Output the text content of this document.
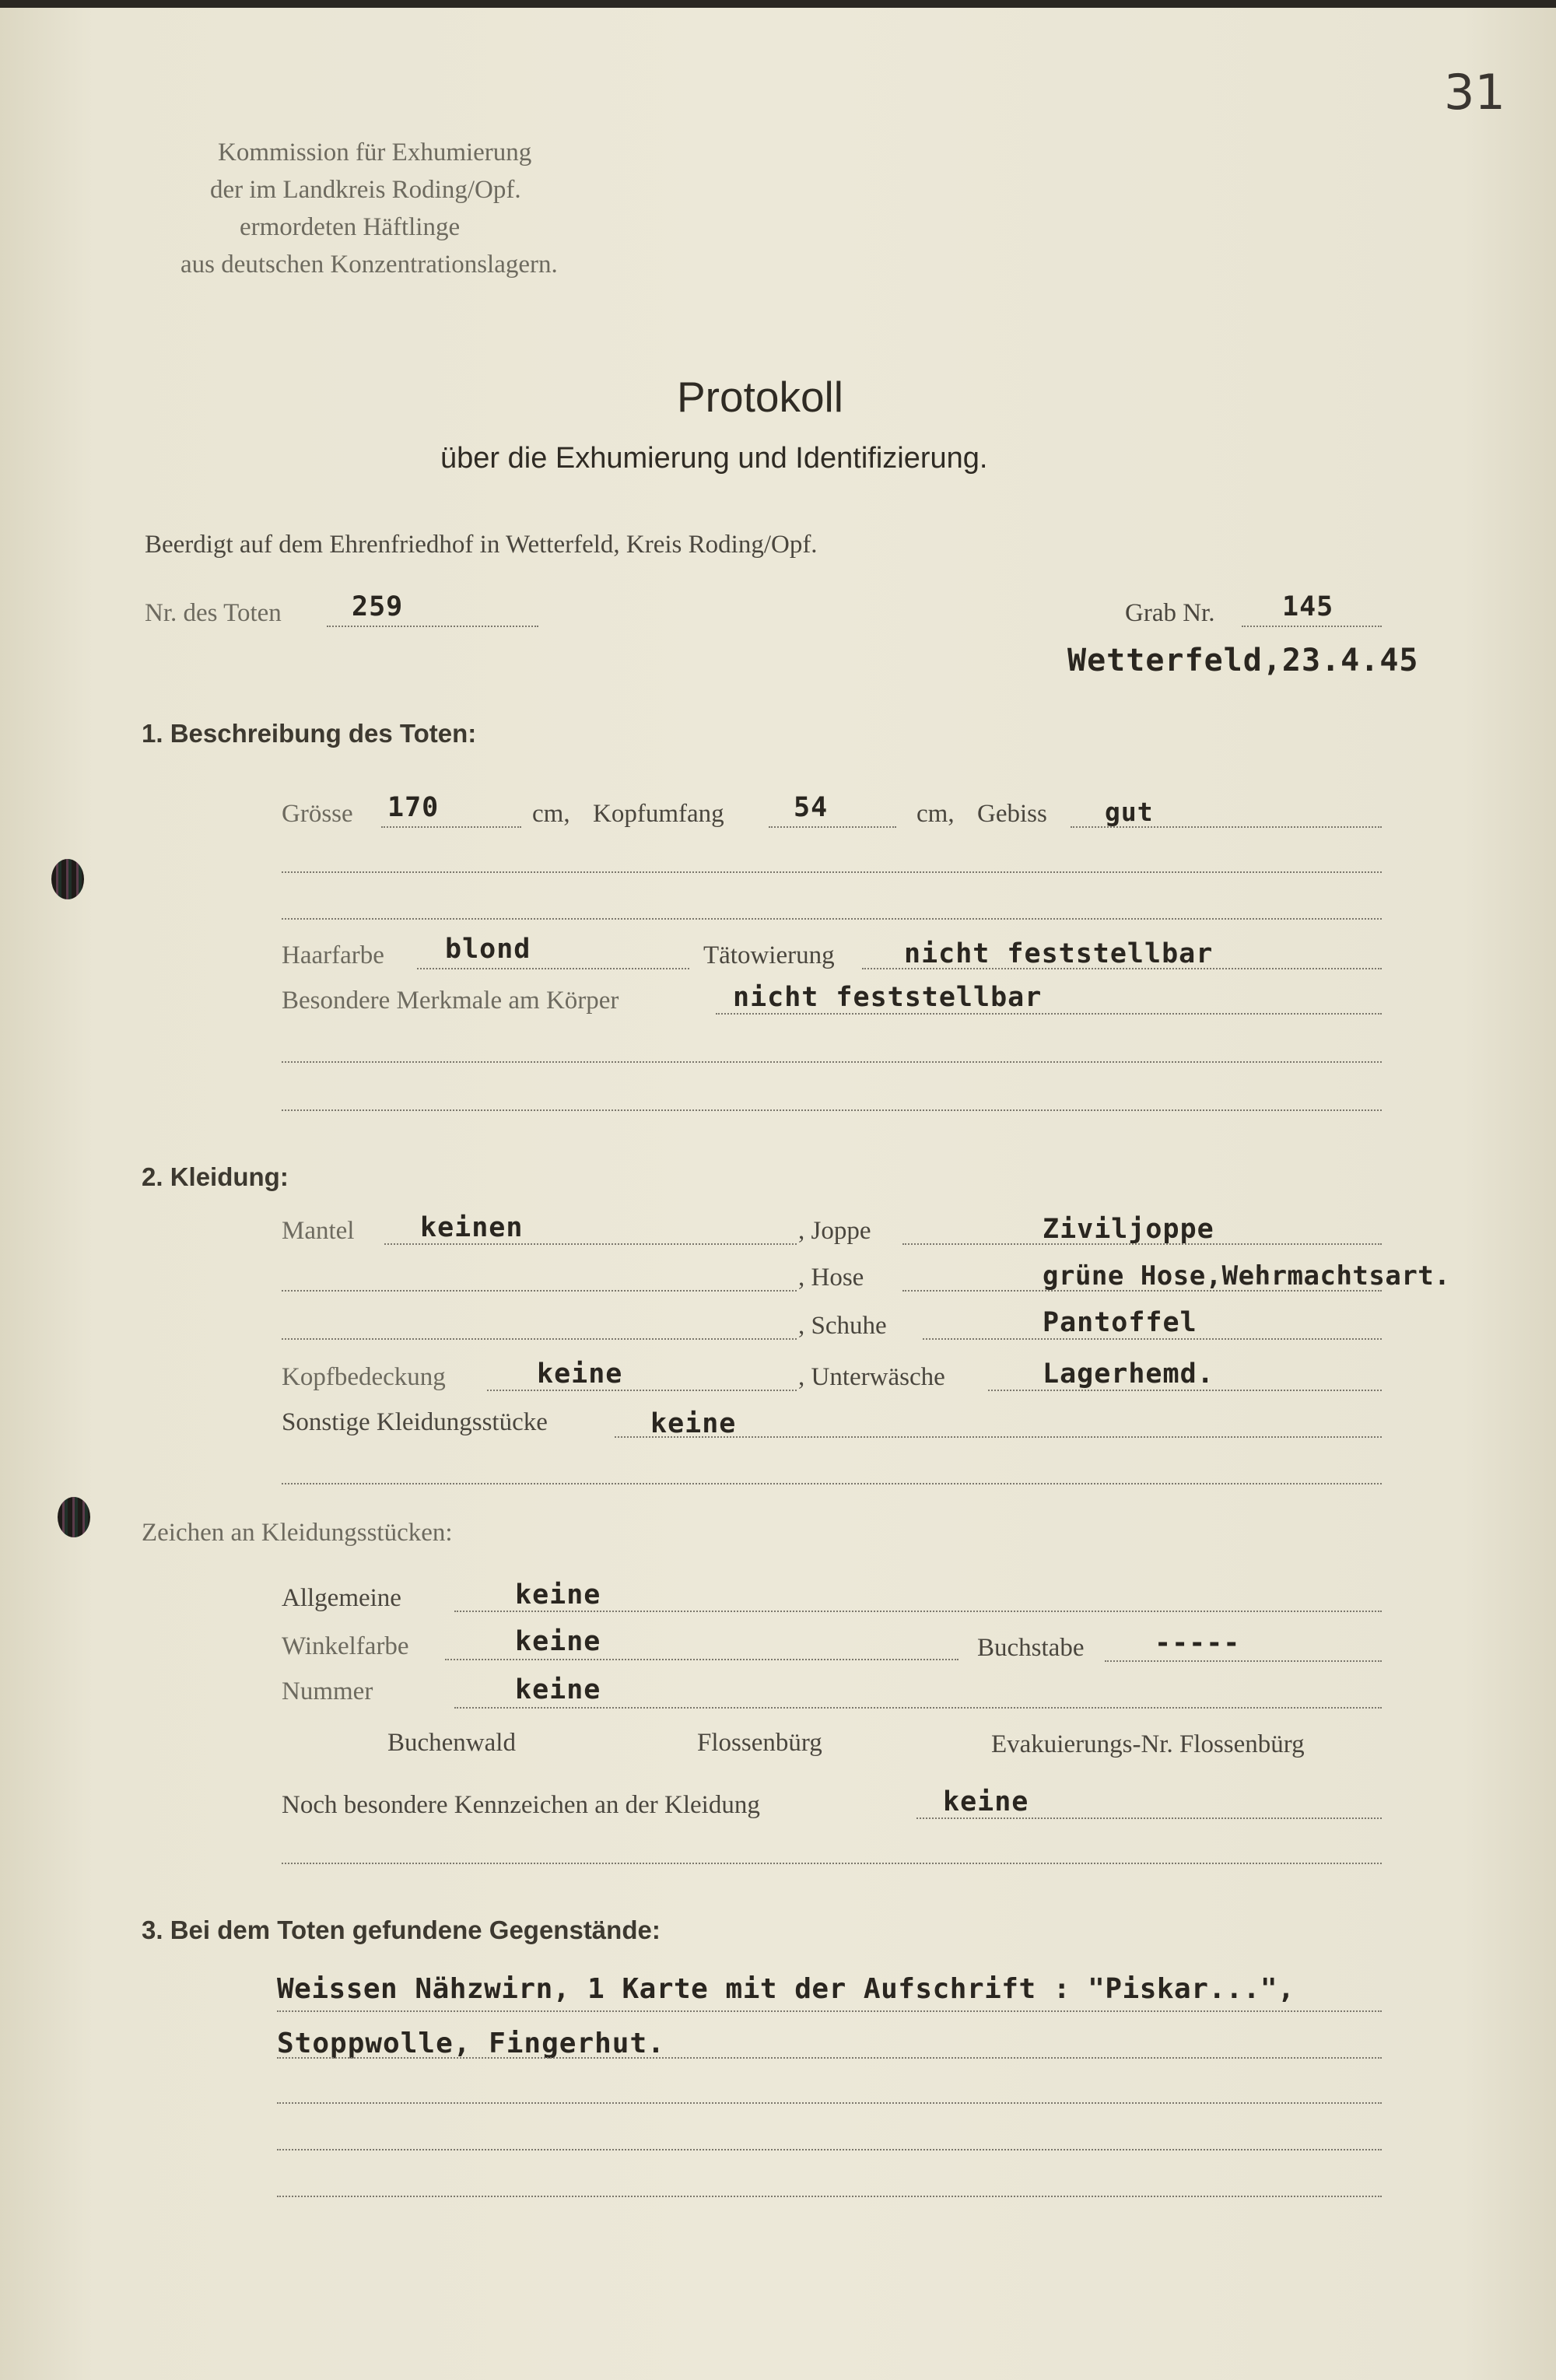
31
Kommission für Exhumierung
der im Landkreis Roding/Opf.
ermordeten Häftlinge
aus deutschen Konzentrationslagern.
Protokoll
über die Exhumierung und Identifizierung.
Beerdigt auf dem Ehrenfriedhof in Wetterfeld, Kreis Roding/Opf.
Nr. des Toten	259	Grab Nr. 145
Wetterfeld,23.4.45
1. Beschreibung des Toten:
Grösse 170	cm, Kopfumfang	54	cm, Gebiss gut
Haarfarbe blond	Tätowierung	nicht feststellbar
Besondere Merkmale am Körper	nicht feststellbar
2. Kleidung:
Mantel keinen	, Joppe	Ziviljoppe
, Hose	grüne Hose,Wehrmachtsart.
, Schuhe	Pantoffel
Kopfbedeckung	keine	, Unterwäsche	Lagerhemd.
Sonstige Kleidungsstücke	keine
Zeichen an Kleidungsstücken:
Allgemeine	keine
Winkelfarbe	keine	Buchstabe	-----
Nummer	keine
Buchenwald	Flossenbürg	Evakuierungs-Nr. Flossenbürg
Noch besondere Kennzeichen an der Kleidung	keine
3. Bei dem Toten gefundene Gegenstände:
Weissen Nähzwirn, 1 Karte mit der Aufschrift : "Piskar...",
Stoppwolle, Fingerhut.
